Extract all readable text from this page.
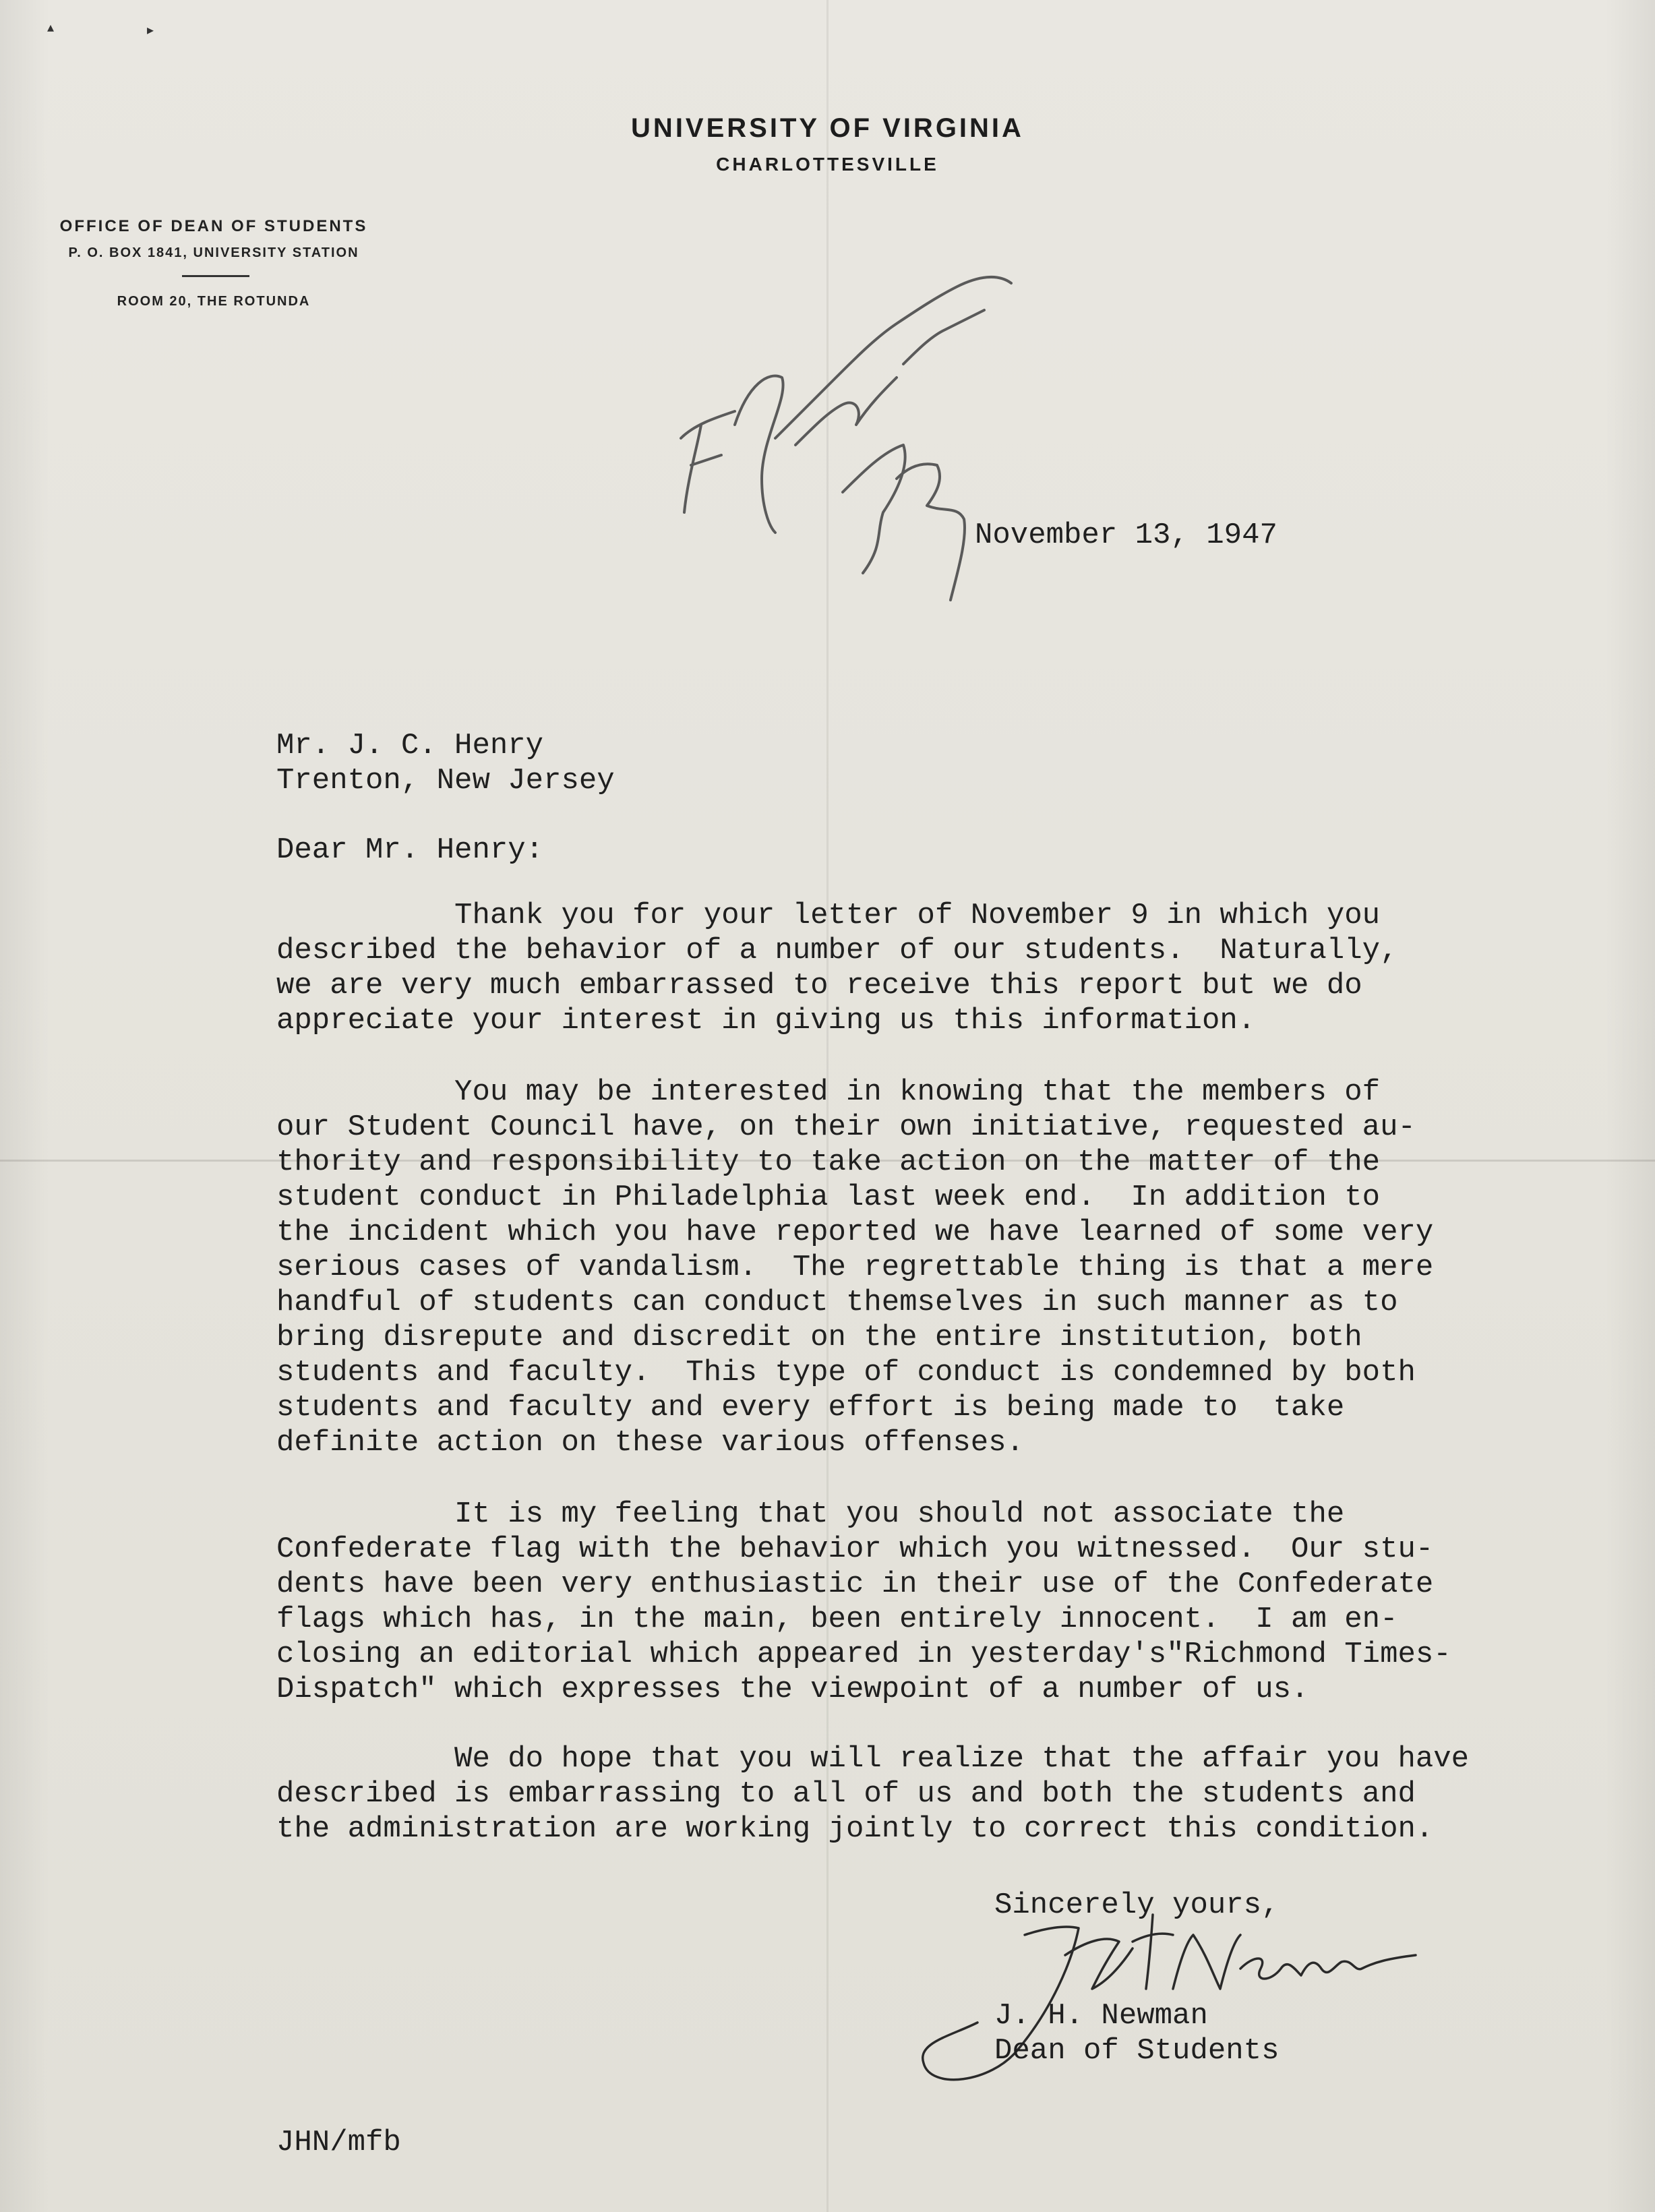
▴	▸
UNIVERSITY OF VIRGINIA
CHARLOTTESVILLE
OFFICE OF DEAN OF STUDENTS
P. O. BOX 1841, UNIVERSITY STATION
ROOM 20, THE ROTUNDA
November 13, 1947
Mr. J. C. Henry
Trenton, New Jersey
Dear Mr. Henry:
Thank you for your letter of November 9 in which you
described the behavior of a number of our students.  Naturally,
we are very much embarrassed to receive this report but we do
appreciate your interest in giving us this information.
You may be interested in knowing that the members of
our Student Council have, on their own initiative, requested au-
thority and responsibility to take action on the matter of the
student conduct in Philadelphia last week end.  In addition to
the incident which you have reported we have learned of some very
serious cases of vandalism.  The regrettable thing is that a mere
handful of students can conduct themselves in such manner as to
bring disrepute and discredit on the entire institution, both
students and faculty.  This type of conduct is condemned by both
students and faculty and every effort is being made to  take
definite action on these various offenses.
It is my feeling that you should not associate the
Confederate flag with the behavior which you witnessed.  Our stu-
dents have been very enthusiastic in their use of the Confederate
flags which has, in the main, been entirely innocent.  I am en-
closing an editorial which appeared in yesterday's"Richmond Times-
Dispatch" which expresses the viewpoint of a number of us.
We do hope that you will realize that the affair you have
described is embarrassing to all of us and both the students and
the administration are working jointly to correct this condition.
Sincerely yours,
J. H. Newman
Dean of Students
JHN/mfb
